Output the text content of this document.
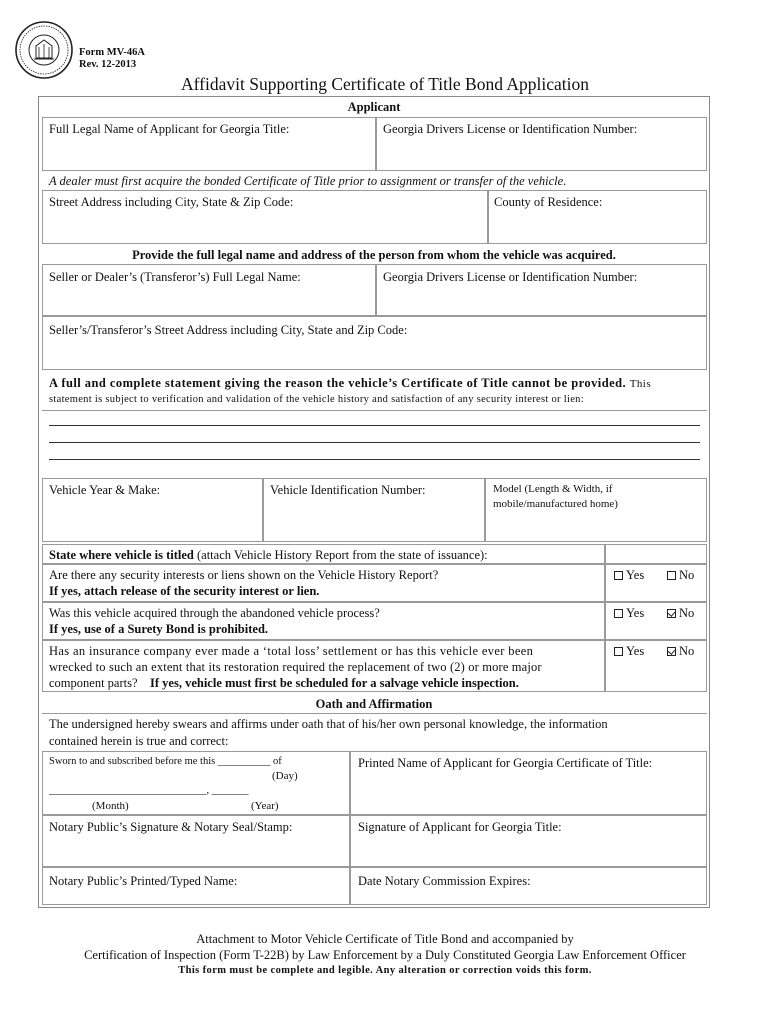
Form MV-46A
Rev. 12-2013
Affidavit Supporting Certificate of Title Bond Application
Applicant
Full Legal Name of Applicant for Georgia Title:	Georgia Drivers License or Identification Number:
A dealer must first acquire the bonded Certificate of Title prior to assignment or transfer of the vehicle.
Street Address including City, State & Zip Code:	County of Residence:
Provide the full legal name and address of the person from whom the vehicle was acquired.
Seller or Dealer’s (Transferor’s) Full Legal Name:	Georgia Drivers License or Identification Number:
Seller’s/Transferor’s Street Address including City, State and Zip Code:
A full and complete statement giving the reason the vehicle’s Certificate of Title cannot be provided. This
statement is subject to verification and validation of the vehicle history and satisfaction of any security interest or lien:
Vehicle Year & Make:	Vehicle Identification Number:	Model (Length & Width, if
mobile/manufactured home)
State where vehicle is titled (attach Vehicle History Report from the state of issuance):
Are there any security interests or liens shown on the Vehicle History Report?
If yes, attach release of the security interest or lien.
Yes	No
Was this vehicle acquired through the abandoned vehicle process?
If yes, use of a Surety Bond is prohibited.
Yes	No
Has an insurance company ever made a ‘total loss’ settlement or has this vehicle ever been
wrecked to such an extent that its restoration required the replacement of two (2) or more major
component parts? If yes, vehicle must first be scheduled for a salvage vehicle inspection.
Yes	No
Oath and Affirmation
The undersigned hereby swears and affirms under oath that of his/her own personal knowledge, the information
contained herein is true and correct:
Sworn to and subscribed before me this __________ of
(Day)
______________________________, _______
(Month)	(Year)
Printed Name of Applicant for Georgia Certificate of Title:
Notary Public’s Signature & Notary Seal/Stamp:	Signature of Applicant for Georgia Title:
Notary Public’s Printed/Typed Name:	Date Notary Commission Expires:
Attachment to Motor Vehicle Certificate of Title Bond and accompanied by
Certification of Inspection (Form T-22B) by Law Enforcement by a Duly Constituted Georgia Law Enforcement Officer
This form must be complete and legible. Any alteration or correction voids this form.
